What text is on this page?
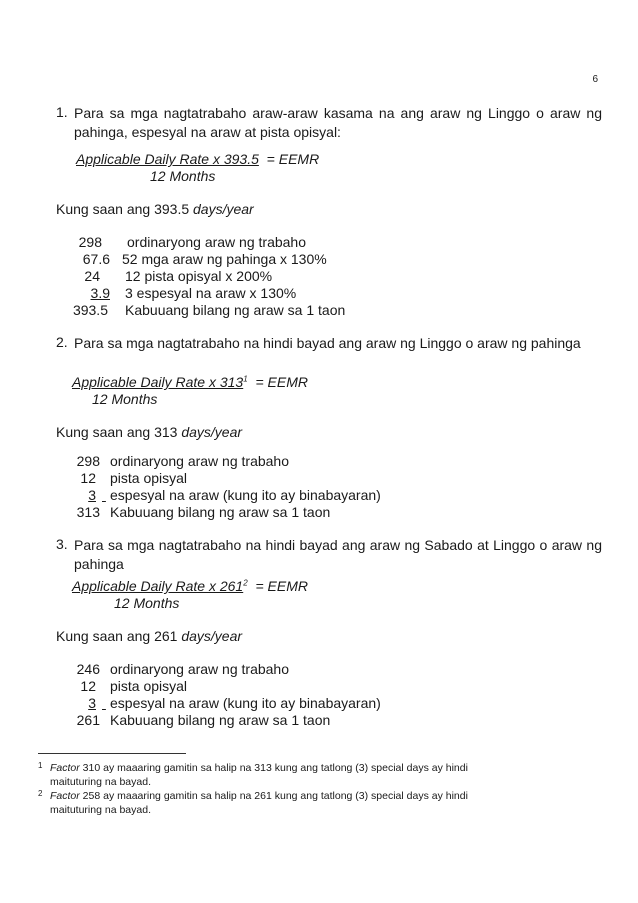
6
1. Para sa mga nagtatrabaho araw-araw kasama na ang araw ng Linggo o araw ng pahinga, espesyal na araw at pista opisyal:
Applicable Daily Rate x 393.5 = EEMR
12 Months
Kung saan ang 393.5 days/year
298 ordinaryong araw ng trabaho
67.6 52 mga araw ng pahinga x 130%
24 12 pista opisyal x 200%
3.9 3 espesyal na araw x 130%
393.5 Kabuuang bilang ng araw sa 1 taon
2. Para sa mga nagtatrabaho na hindi bayad ang araw ng Linggo o araw ng pahinga
Applicable Daily Rate x $313^1$ = EEMR
12 Months
Kung saan ang 313 days/year
298 ordinaryong araw ng trabaho
12 pista opisyal
3
espesyal na araw (kung ito ay binabayaran)
313 Kabuuang bilang ng araw sa 1 taon
3. Para sa mga nagtatrabaho na hindi bayad ang araw ng Sabado at Linggo o araw ng pahinga
Applicable Daily Rate x $261^2$ = EEMR
12 Months
Kung saan ang 261 days/year
246 ordinaryong araw ng trabaho
12 pista opisyal
3
espesyal na araw (kung ito ay binabayaran)
261 Kabuuang bilang ng araw sa 1 taon
1 Factor 310 ay maaaring gamitin sa halip na 313 kung ang tatlong (3) special days ay hindi maituturing na bayad.
2 Factor 258 ay maaaring gamitin sa halip na 261 kung ang tatlong (3) special days ay hindi maituturing na bayad.
